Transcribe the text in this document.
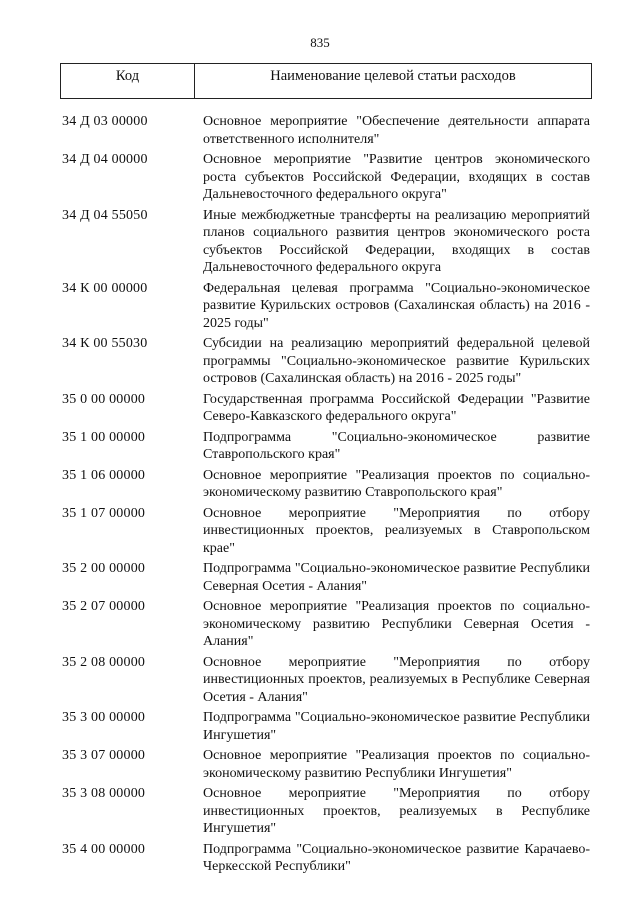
835
Код	Наименование целевой статьи расходов
34 Д 03 00000	Основное мероприятие "Обеспечение деятельности аппарата ответственного исполнителя"
34 Д 04 00000	Основное мероприятие "Развитие центров экономического роста субъектов Российской Федерации, входящих в состав Дальневосточного федерального округа"
34 Д 04 55050	Иные межбюджетные трансферты на реализацию мероприятий планов социального развития центров экономического роста субъектов Российской Федерации, входящих в состав Дальневосточного федерального округа
34 К 00 00000	Федеральная целевая программа "Социально-экономическое развитие Курильских островов (Сахалинская область) на 2016 - 2025 годы"
34 К 00 55030	Субсидии на реализацию мероприятий федеральной целевой программы "Социально-экономическое развитие Курильских островов (Сахалинская область) на 2016 - 2025 годы"
35 0 00 00000	Государственная программа Российской Федерации "Развитие Северо-Кавказского федерального округа"
35 1 00 00000	Подпрограмма "Социально-экономическое развитие Ставропольского края"
35 1 06 00000	Основное мероприятие "Реализация проектов по социально-экономическому развитию Ставропольского края"
35 1 07 00000	Основное мероприятие "Мероприятия по отбору инвестиционных проектов, реализуемых в Ставропольском крае"
35 2 00 00000	Подпрограмма "Социально-экономическое развитие Республики Северная Осетия - Алания"
35 2 07 00000	Основное мероприятие "Реализация проектов по социально-экономическому развитию Республики Северная Осетия - Алания"
35 2 08 00000	Основное мероприятие "Мероприятия по отбору инвестиционных проектов, реализуемых в Республике Северная Осетия - Алания"
35 3 00 00000	Подпрограмма "Социально-экономическое развитие Республики Ингушетия"
35 3 07 00000	Основное мероприятие "Реализация проектов по социально-экономическому развитию Республики Ингушетия"
35 3 08 00000	Основное мероприятие "Мероприятия по отбору инвестиционных проектов, реализуемых в Республике Ингушетия"
35 4 00 00000	Подпрограмма "Социально-экономическое развитие Карачаево-Черкесской Республики"
